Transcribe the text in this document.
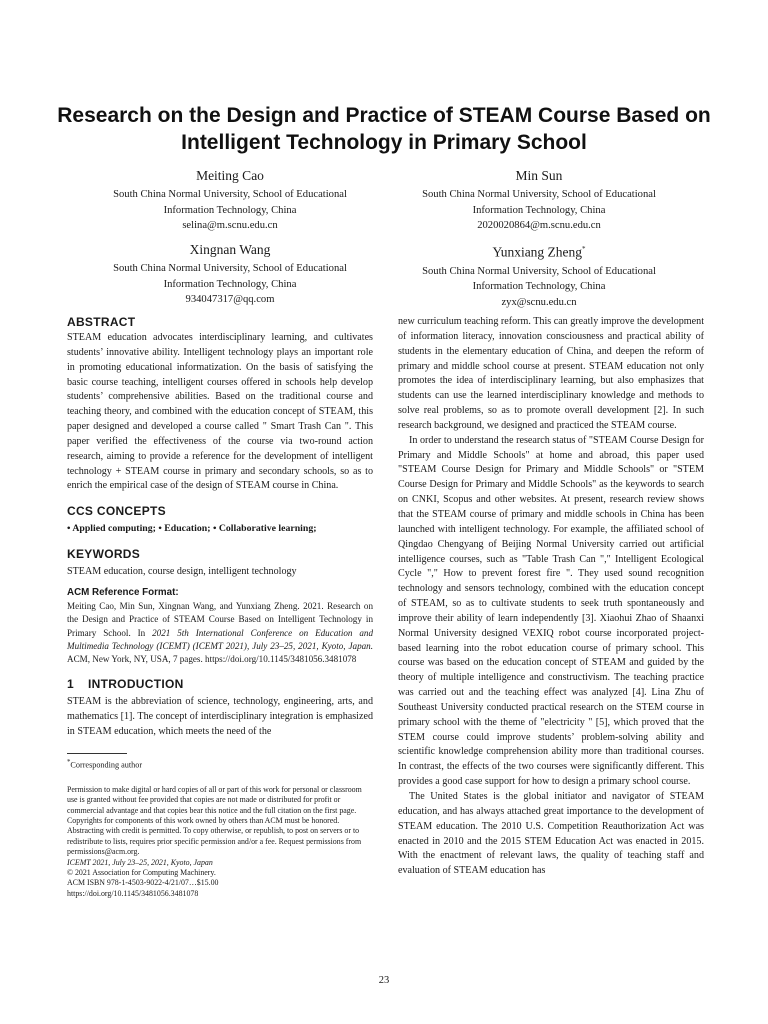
Research on the Design and Practice of STEAM Course Based on
Intelligent Technology in Primary School
Meiting Cao
South China Normal University, School of Educational
Information Technology, China
selina@m.scnu.edu.cn
Min Sun
South China Normal University, School of Educational
Information Technology, China
2020020864@m.scnu.edu.cn
Xingnan Wang
South China Normal University, School of Educational
Information Technology, China
934047317@qq.com
Yunxiang Zheng*
South China Normal University, School of Educational
Information Technology, China
zyx@scnu.edu.cn
ABSTRACT

STEAM education advocates interdisciplinary learning, and cultivates students’ innovative ability. Intelligent technology plays an important role in promoting educational informatization. On the basis of satisfying the basic course teaching, intelligent courses offered in schools help develop students’ comprehensive abilities. Based on the traditional course and teaching theory, and combined with the education concept of STEAM, this paper designed and developed a course called " Smart Trash Can ". This paper verified the effectiveness of the course via two-round action research, aiming to provide a reference for the development of intelligent technology + STEAM course in primary and secondary schools, so as to enrich the empirical case of the design of STEAM course in China.

CCS CONCEPTS

• Applied computing; • Education; • Collaborative learning;

KEYWORDS

STEAM education, course design, intelligent technology

ACM Reference Format:

Meiting Cao, Min Sun, Xingnan Wang, and Yunxiang Zheng. 2021. Research on the Design and Practice of STEAM Course Based on Intelligent Technology in Primary School. In 2021 5th International Conference on Education and Multimedia Technology (ICEMT) (ICEMT 2021), July 23–25, 2021, Kyoto, Japan. ACM, New York, NY, USA, 7 pages. https://doi.org/10.1145/3481056.3481078

1 INTRODUCTION

STEAM is the abbreviation of science, technology, engineering, arts, and mathematics [1]. The concept of interdisciplinary integration is emphasized in STEAM education, which meets the need of the

*Corresponding author
Permission to make digital or hard copies of all or part of this work for personal or classroom use is granted without fee provided that copies are not made or distributed for profit or commercial advantage and that copies bear this notice and the full citation on the first page. Copyrights for components of this work owned by others than ACM must be honored. Abstracting with credit is permitted. To copy otherwise, or republish, to post on servers or to redistribute to lists, requires prior specific permission and/or a fee. Request permissions from permissions@acm.org.
ICEMT 2021, July 23–25, 2021, Kyoto, Japan
© 2021 Association for Computing Machinery.
ACM ISBN 978-1-4503-9022-4/21/07…$15.00
https://doi.org/10.1145/3481056.3481078

new curriculum teaching reform. This can greatly improve the development of information literacy, innovation consciousness and practical ability of students in the elementary education of China, and deepen the reform of primary and middle school course at present. STEAM education not only promotes the idea of interdisciplinary learning, but also emphasizes that students can use the learned interdisciplinary knowledge and methods to solve real problems, so as to promote overall development [2]. In such research background, we designed and practiced the STEAM course.

In order to understand the research status of "STEAM Course Design for Primary and Middle Schools" at home and abroad, this paper used "STEAM Course Design for Primary and Middle Schools" or "STEM Course Design for Primary and Middle Schools" as the keywords to search on CNKI, Scopus and other websites. At present, research review shows that the STEAM course of primary and middle schools in China has been launched with intelligent technology. For example, the affiliated school of Qingdao Chengyang of Beijing Normal University carried out artificial intelligence courses, such as "Table Trash Can "," Intelligent Ecological Cycle "," How to prevent forest fire ". They used sound recognition technology and sensors technology, combined with the education concept of STEAM, so as to cultivate students to seek truth spontaneously and improve their ability of learn independently [3]. Xiaohui Zhao of Shaanxi Normal University designed VEXIQ robot course incorporated project-based learning into the robot education course of primary school. This course was based on the education concept of STEAM and guided by the theory of multiple intelligence and constructivism. The teaching practice was carried out and the teaching effect was analyzed [4]. Lina Zhu of Southeast University conducted practical research on the STEM course in primary school with the theme of "electricity " [5], which proved that the STEM course could improve students’ problem-solving ability and scientific knowledge comprehension ability more than traditional courses. In contrast, the effects of the two courses were significantly different. This provides a good case support for how to design a primary school course.

The United States is the global initiator and navigator of STEAM education, and has always attached great importance to the development of STEAM education. The 2010 U.S. Competition Reauthorization Act was enacted in 2010 and the 2015 STEM Education Act was enacted in 2015. With the enactment of relevant laws, the quality of teaching staff and evaluation of STEAM education has

23
